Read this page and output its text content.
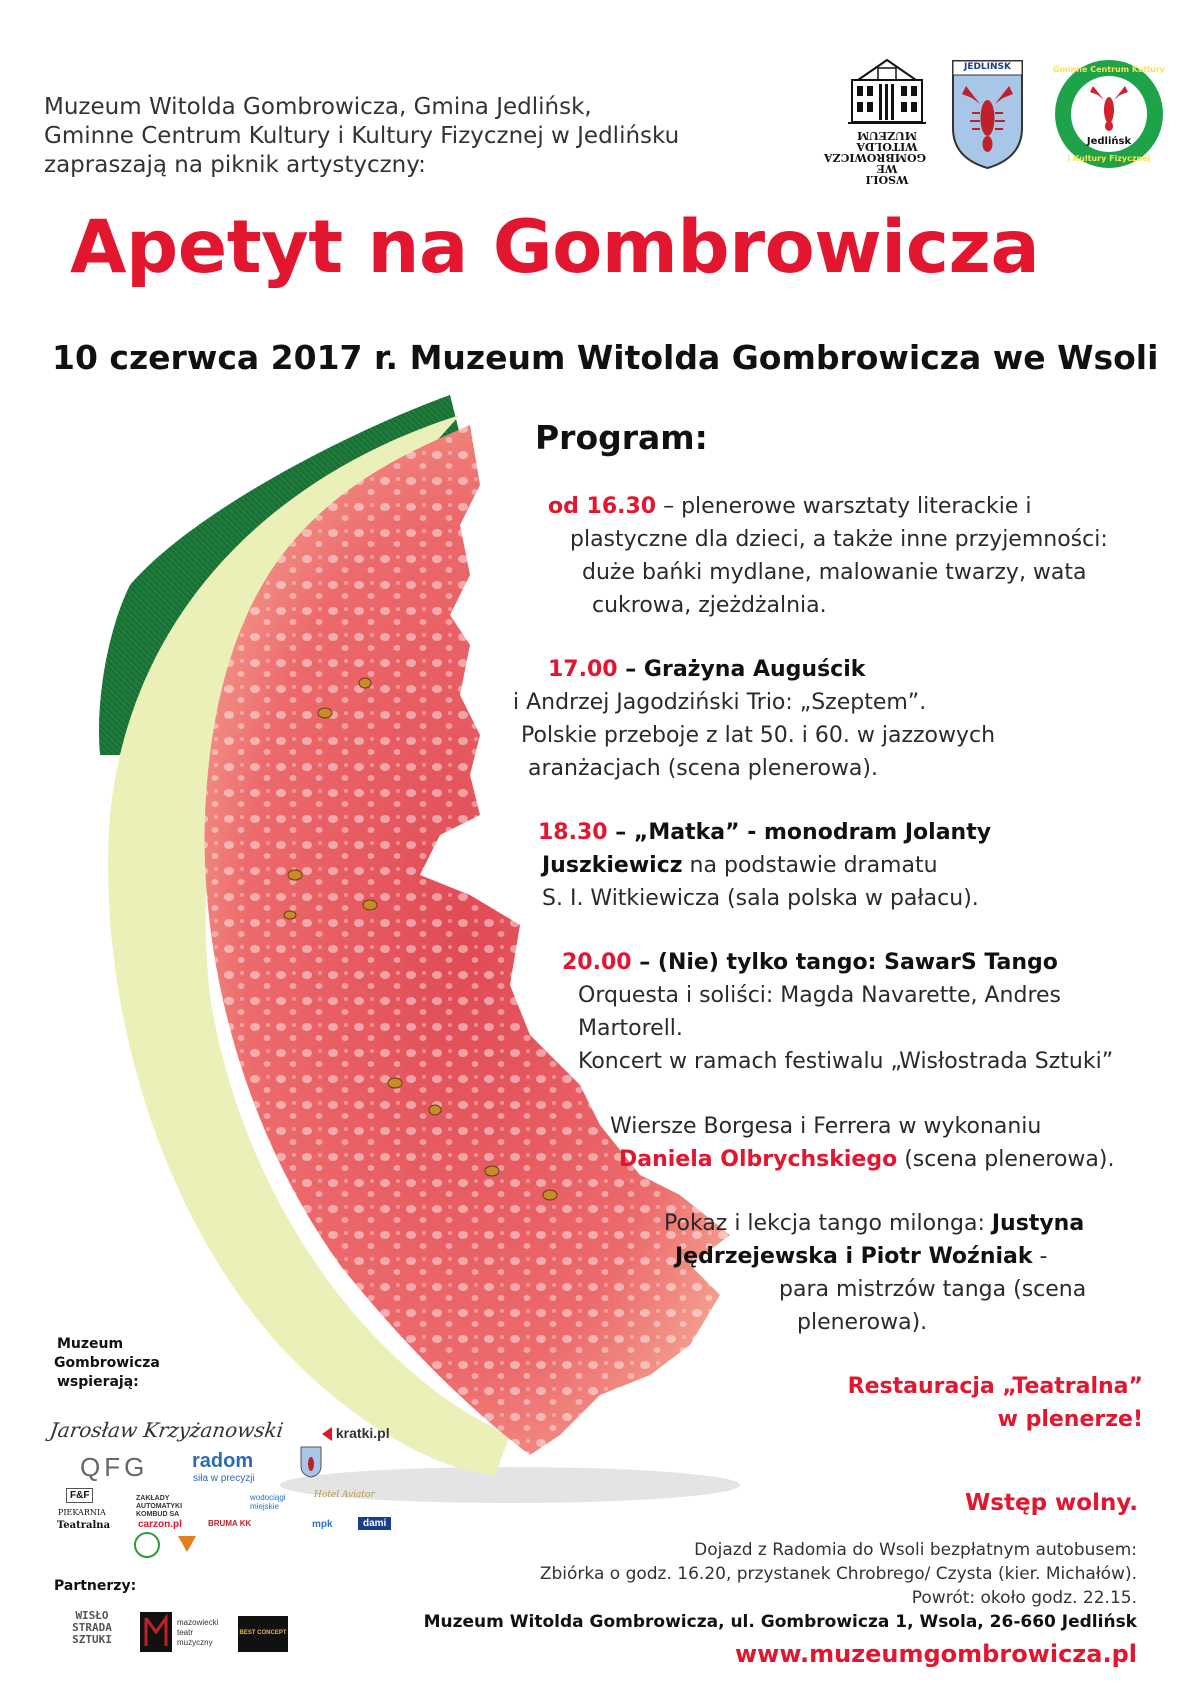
Muzeum Witolda Gombrowicza, Gmina Jedlińsk,
Gminne Centrum Kultury i Kultury Fizycznej w Jedlińsku
zapraszają na piknik artystyczny:
WSOLI
WE
GOMBROWICZA
WITOLDA
MUZEUM
JEDLIŃSK	Gminne Centrum Kultury
Jedlińsk
i Kultury Fizycznej
Apetyt na Gombrowicza
10 czerwca 2017 r. Muzeum Witolda Gombrowicza we Wsoli
Program:
od 16.30 – plenerowe warsztaty literackie i
plastyczne dla dzieci, a także inne przyjemności:
duże bańki mydlane, malowanie twarzy, wata
cukrowa, zjeżdżalnia.
17.00 – Grażyna Auguścik
i Andrzej Jagodziński Trio: „Szeptem”.
Polskie przeboje z lat 50. i 60. w jazzowych
aranżacjach (scena plenerowa).
18.30 – „Matka” - monodram Jolanty
Juszkiewicz na podstawie dramatu
S. I. Witkiewicza (sala polska w pałacu).
20.00 – (Nie) tylko tango: SawarS Tango
Orquesta i soliści: Magda Navarette, Andres
Martorell.
Koncert w ramach festiwalu „Wisłostrada Sztuki”
Wiersze Borgesa i Ferrera w wykonaniu
Daniela Olbrychskiego (scena plenerowa).
Pokaz i lekcja tango milonga: Justyna
Jędrzejewska i Piotr Woźniak -
para mistrzów tanga (scena
plenerowa).
Restauracja „Teatralna”
w plenerze!
Wstęp wolny.
Dojazd z Radomia do Wsoli bezpłatnym autobusem:
Zbiórka o godz. 16.20, przystanek Chrobrego/ Czysta (kier. Michałów).
Powrót: około godz. 22.15.
Muzeum Witolda Gombrowicza, ul. Gombrowicza 1, Wsola, 26-660 Jedlińsk
www.muzeumgombrowicza.pl
Muzeum
Gombrowicza
wspierają:
Jarosław Krzyżanowski	kratki.pl
QFG radom
siła w precyzji
F&F
PIEKARNIA
ZAKŁADY AUTOMATYKI KOMBUD SA
wodociągi miejskie
Hotel Aviator
Teatralna	carzon.pl	BRUMA KK	mpk	dami
Partnerzy:
WISŁO STRADA SZTUKI
mazowiecki teatr muzyczny
BEST CONCEPT
